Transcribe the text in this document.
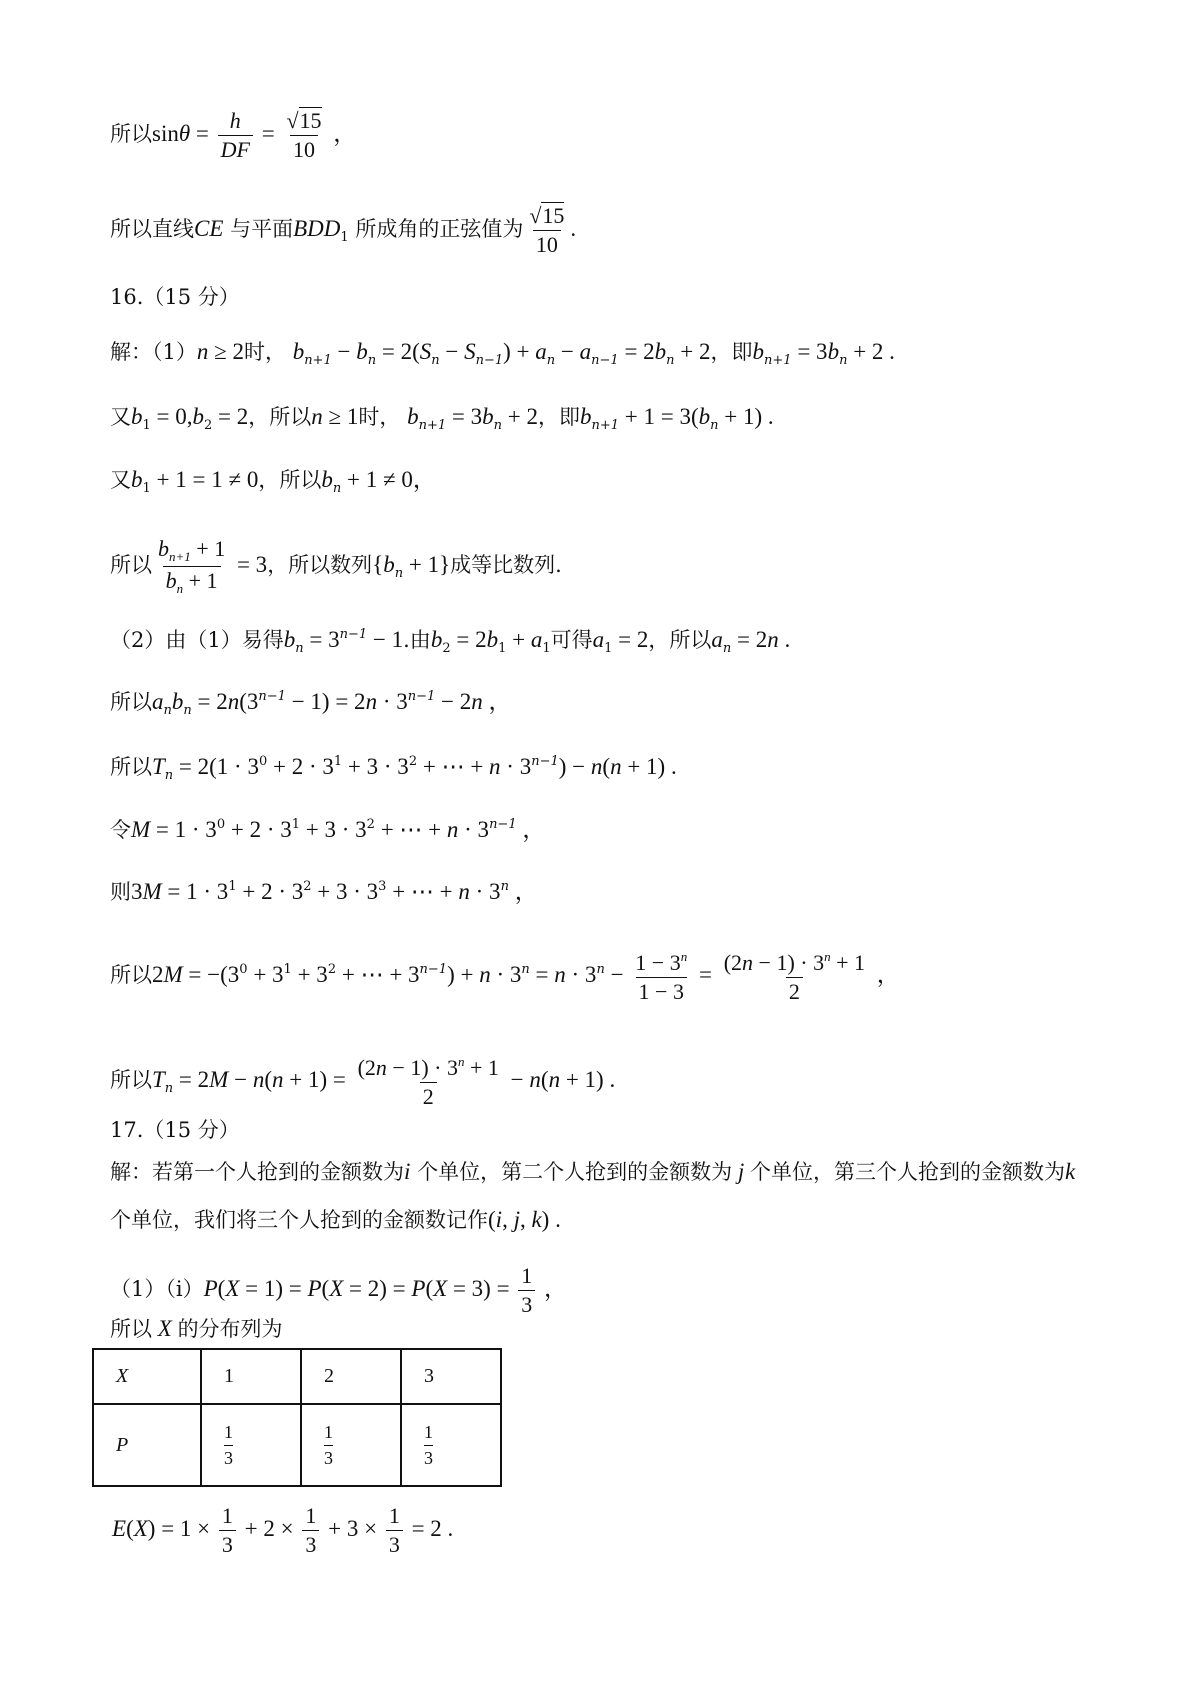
所以$\sin\theta = \frac{h}{DF} = \frac{√15}{10}$ ，
所以直线CE 与平面$BDD_1$ 所成角的正弦值为 $\frac{√15}{10}$ .
16.（15 分）
解：（1）n ≥ 2时， $b_{n+1} - b_n = 2(S_n - S_{n-1}) + a_n - a_{n-1} = 2b_n + 2$，即$b_{n+1} = 3b_n + 2$ .
又$b_1 = 0,b_2 = 2$，所以n ≥ 1时， $b_{n+1} = 3b_n + 2$，即$b_{n+1} + 1 = 3(b_n + 1)$ .
又$b_1 + 1 = 1 \ne 0$，所以$b_n + 1 \ne 0$，
所以 $\frac{b_{n+1} + 1}{b_n + 1} = 3$，所以数列$\{b_n + 1\}$成等比数列.
（2）由（1）易得$b_n = 3^{n-1} - 1$.由$b_2 = 2b_1 + a_1$可得$a_1 = 2$，所以$a_n = 2n$ .
所以$a_nb_n = 2n(3^{n-1} - 1) = 2n \cdot 3^{n-1} - 2n$ ，
所以$T_n = 2(1 \cdot 3^0 + 2 \cdot 3^1 + 3 \cdot 3^2$ + ⋯ + $n \cdot 3^{n-1}) - n(n + 1)$ .
令$M = 1 \cdot 3^0 + 2 \cdot 3^1 + 3 \cdot 3^2$ + ⋯ + $n \cdot 3^{n-1}$ ，
则$3M = 1 \cdot 3^1 + 2 \cdot 3^2 + 3 \cdot 3^3$ + ⋯ + $n \cdot 3^n$ ，
所以$2M = -(3^0 + 3^1 + 3^2$ + ⋯ + $3^{n-1}) + n \cdot 3^n = n \cdot 3^n - \frac{1 - 3^n}{1 - 3} = \frac{(2n - 1) \cdot 3^n + 1}{2}$ ，
所以$T_n = 2M - n(n + 1) = \frac{(2n - 1) \cdot 3^n + 1}{2} - n(n + 1)$ .
17.（15 分）
解：若第一个人抢到的金额数为i 个单位，第二个人抢到的金额数为 j 个单位，第三个人抢到的金额数为k
个单位，我们将三个人抢到的金额数记作(i, j, k) .
$(1)(i)P(X = 1) = P(X = 2) = P(X = 3) = \frac{1}{3}$ ，
所以 X 的分布列为
X	1	2	3
P	$\frac{1}{3}$	$\frac{1}{3}$	$\frac{1}{3}$
$E(X) = 1 \times \frac{1}{3} + 2 \times \frac{1}{3} + 3 \times \frac{1}{3} = 2$ .
